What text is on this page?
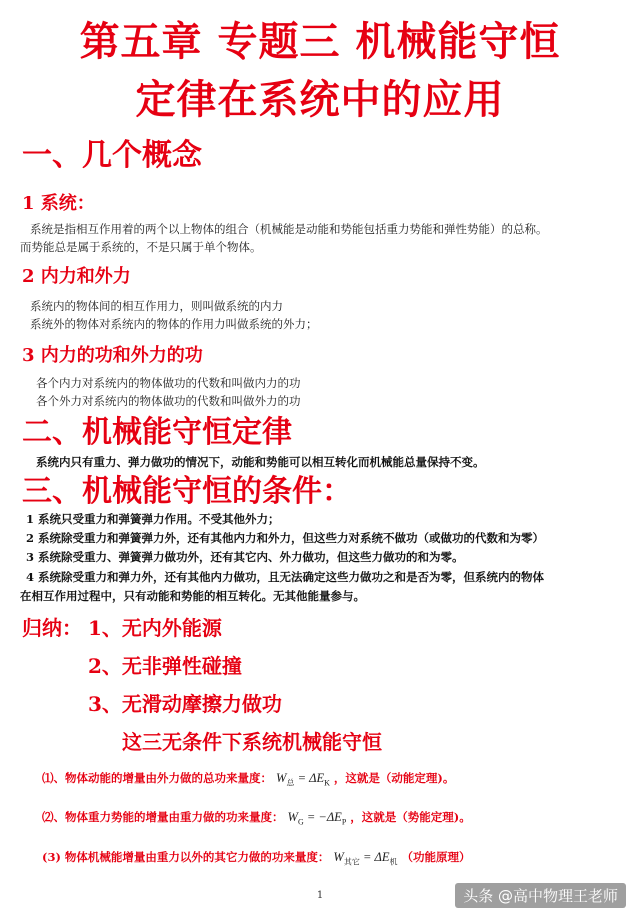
第五章 专题三 机械能守恒
定律在系统中的应用
一、几个概念
1 系统：
系统是指相互作用着的两个以上物体的组合（机械能是动能和势能包括重力势能和弹性势能）的总称。
而势能总是属于系统的，不是只属于单个物体。
2 内力和外力
系统内的物体间的相互作用力，则叫做系统的内力
系统外的物体对系统内的物体的作用力叫做系统的外力；
3 内力的功和外力的功
各个内力对系统内的物体做功的代数和叫做内力的功
各个外力对系统内的物体做功的代数和叫做外力的功
二、机械能守恒定律
系统内只有重力、弹力做功的情况下，动能和势能可以相互转化而机械能总量保持不变。
三、机械能守恒的条件：
1 系统只受重力和弹簧弹力作用。不受其他外力；
2 系统除受重力和弹簧弹力外，还有其他内力和外力，但这些力对系统不做功（或做功的代数和为零）
3 系统除受重力、弹簧弹力做功外，还有其它内、外力做功，但这些力做功的和为零。
4 系统除受重力和弹力外，还有其他内力做功，且无法确定这些力做功之和是否为零，但系统内的物体
在相互作用过程中，只有动能和势能的相互转化。无其他能量参与。
归纳： 1、无内外能源
2、无非弹性碰撞
3、无滑动摩擦力做功
这三无条件下系统机械能守恒
⑴、物体动能的增量由外力做的总功来量度： $W_总 = \Delta E_K$ ，这就是（动能定理)。
⑵、物体重力势能的增量由重力做的功来量度： $W_G = -\Delta E_P$ ，这就是（势能定理)。
(3) 物体机械能增量由重力以外的其它力做的功来量度： $W_{其它} = \Delta E_机$ （功能原理）
1	头条 @高中物理王老师
